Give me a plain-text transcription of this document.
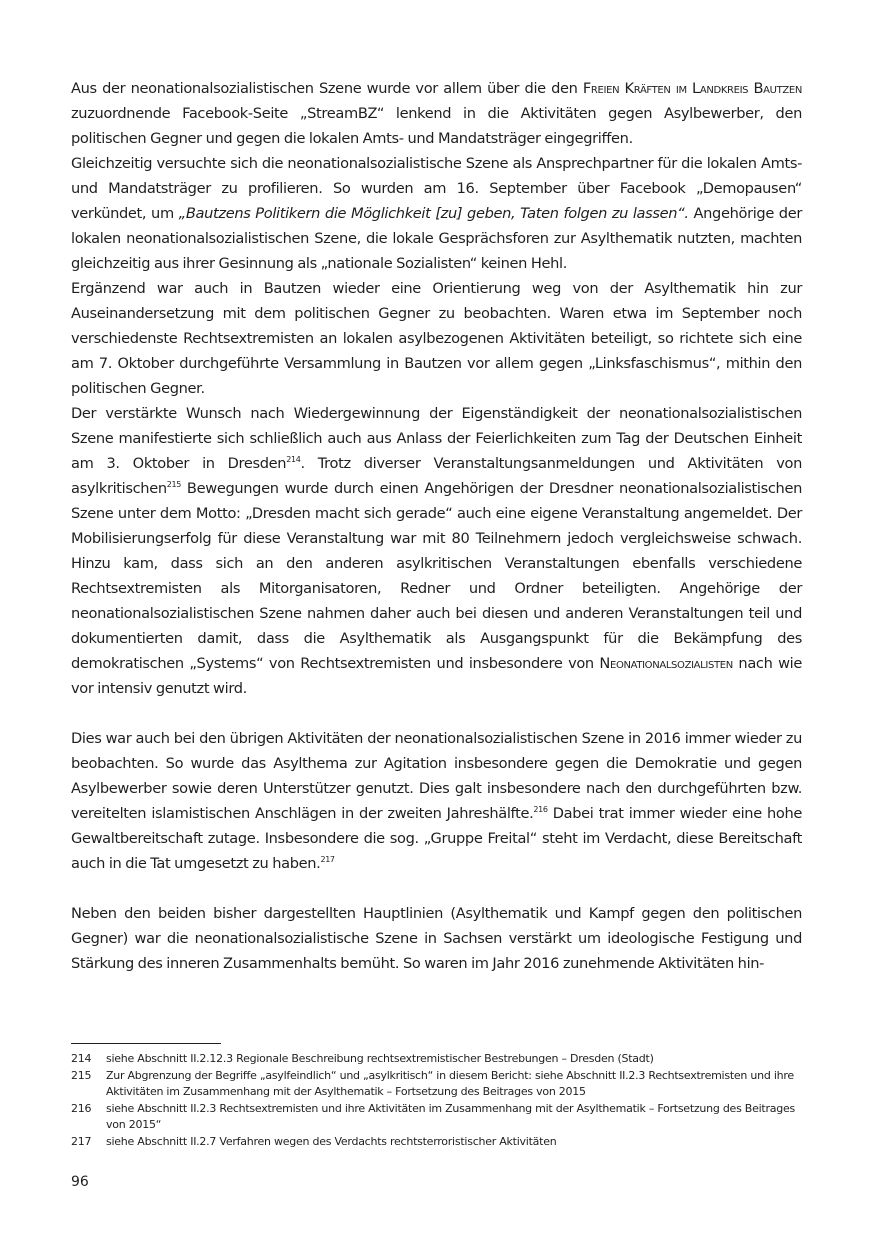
Aus der neonationalsozialistischen Szene wurde vor allem über die den Freien Kräften im Landkreis Bautzen zuzuordnende Facebook-Seite „StreamBZ“ lenkend in die Aktivitäten gegen Asylbewerber, den politischen Gegner und gegen die lokalen Amts- und Mandatsträger eingegriffen.

Gleichzeitig versuchte sich die neonationalsozialistische Szene als Ansprechpartner für die lokalen Amts- und Mandatsträger zu profilieren. So wurden am 16. September über Facebook „Demopausen“ verkündet, um „Bautzens Politikern die Möglichkeit [zu] geben, Taten folgen zu lassen“. Angehörige der lokalen neonationalsozialistischen Szene, die lokale Gesprächsforen zur Asylthematik nutzten, machten gleichzeitig aus ihrer Gesinnung als „nationale Sozialisten“ keinen Hehl.

Ergänzend war auch in Bautzen wieder eine Orientierung weg von der Asylthematik hin zur Auseinandersetzung mit dem politischen Gegner zu beobachten. Waren etwa im September noch verschiedenste Rechtsextremisten an lokalen asylbezogenen Aktivitäten beteiligt, so richtete sich eine am 7. Oktober durchgeführte Versammlung in Bautzen vor allem gegen „Linksfaschismus“, mithin den politischen Gegner.

Der verstärkte Wunsch nach Wiedergewinnung der Eigenständigkeit der neonationalsozialistischen Szene manifestierte sich schließlich auch aus Anlass der Feierlichkeiten zum Tag der Deutschen Einheit am 3. Oktober in Dresden$^{214}$. Trotz diverser Veranstaltungsanmeldungen und Aktivitäten von asylkritischen$^{215}$ Bewegungen wurde durch einen Angehörigen der Dresdner neonationalsozialistischen Szene unter dem Motto: „Dresden macht sich gerade“ auch eine eigene Veranstaltung angemeldet. Der Mobilisierungserfolg für diese Veranstaltung war mit 80 Teilnehmern jedoch vergleichsweise schwach. Hinzu kam, dass sich an den anderen asylkritischen Veranstaltungen ebenfalls verschiedene Rechtsextremisten als Mitorganisatoren, Redner und Ordner beteiligten. Angehörige der neonationalsozialistischen Szene nahmen daher auch bei diesen und anderen Veranstaltungen teil und dokumentierten damit, dass die Asylthematik als Ausgangspunkt für die Bekämpfung des demokratischen „Systems“ von Rechtsextremisten und insbesondere von Neonationalsozialisten nach wie vor intensiv genutzt wird.

Dies war auch bei den übrigen Aktivitäten der neonationalsozialistischen Szene in 2016 immer wieder zu beobachten. So wurde das Asylthema zur Agitation insbesondere gegen die Demokratie und gegen Asylbewerber sowie deren Unterstützer genutzt. Dies galt insbesondere nach den durchgeführten bzw. vereitelten islamistischen Anschlägen in der zweiten Jahreshälfte.$^{216}$ Dabei trat immer wieder eine hohe Gewaltbereitschaft zutage. Insbesondere die sog. „Gruppe Freital“ steht im Verdacht, diese Bereitschaft auch in die Tat umgesetzt zu haben.$^{217}$

Neben den beiden bisher dargestellten Hauptlinien (Asylthematik und Kampf gegen den politischen Gegner) war die neonationalsozialistische Szene in Sachsen verstärkt um ideologische Festigung und Stärkung des inneren Zusammenhalts bemüht. So waren im Jahr 2016 zunehmende Aktivitäten hin-

214	siehe Abschnitt II.2.12.3 Regionale Beschreibung rechtsextremistischer Bestrebungen – Dresden (Stadt)
215	Zur Abgrenzung der Begriffe „asylfeindlich“ und „asylkritisch“ in diesem Bericht: siehe Abschnitt II.2.3 Rechtsextremisten und ihre Aktivitäten im Zusammenhang mit der Asylthematik – Fortsetzung des Beitrages von 2015
216	siehe Abschnitt II.2.3 Rechtsextremisten und ihre Aktivitäten im Zusammenhang mit der Asylthematik – Fortsetzung des Beitrages von 2015“
217	siehe Abschnitt II.2.7 Verfahren wegen des Verdachts rechtsterroristischer Aktivitäten
96
